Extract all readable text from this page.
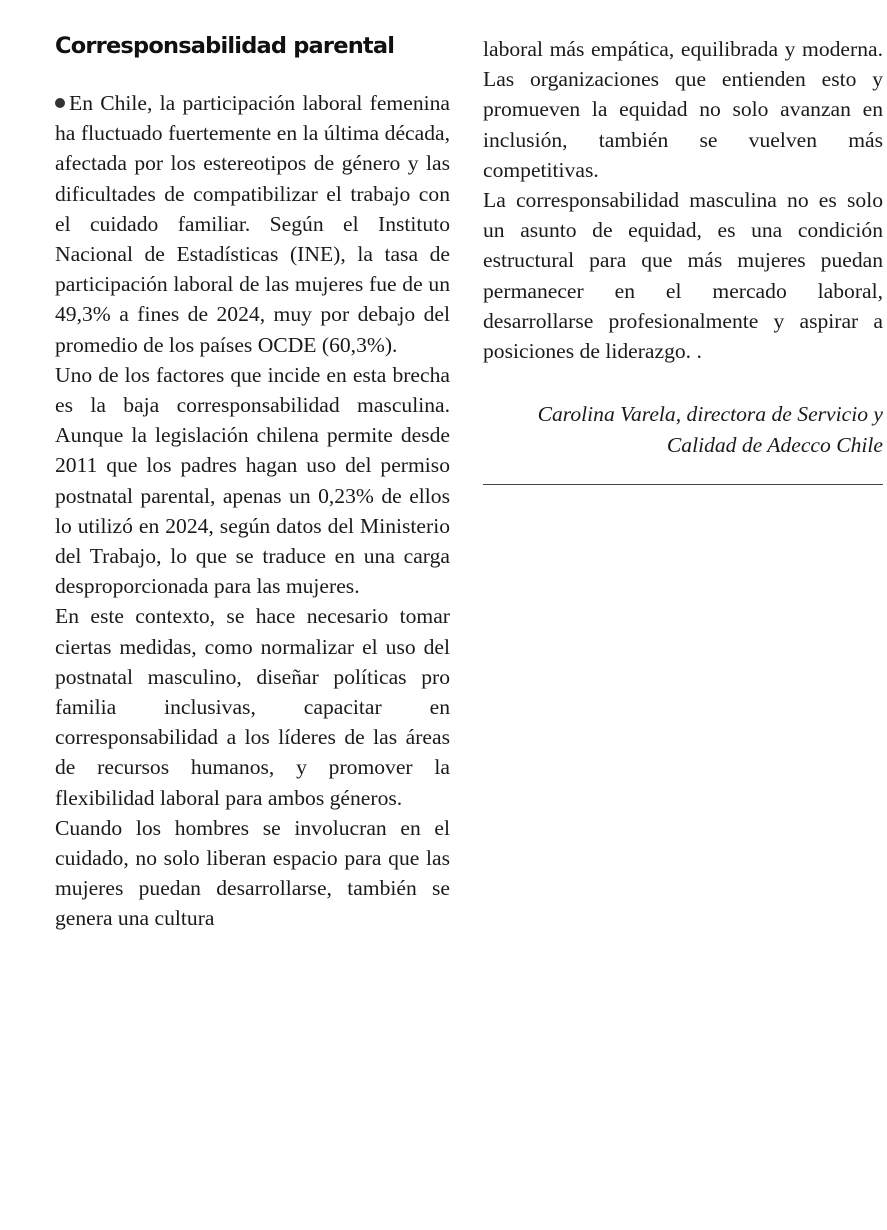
Corresponsabilidad parental

En Chile, la participación laboral femenina ha fluctuado fuertemente en la última década, afectada por los estereotipos de género y las dificultades de compatibilizar el trabajo con el cuidado familiar. Según el Instituto Nacional de Estadísticas (INE), la tasa de participación laboral de las mujeres fue de un 49,3% a fines de 2024, muy por debajo del promedio de los países OCDE (60,3%).

Uno de los factores que incide en esta brecha es la baja corresponsabilidad masculina. Aunque la legislación chilena permite desde 2011 que los padres hagan uso del permiso postnatal parental, apenas un 0,23% de ellos lo utilizó en 2024, según datos del Ministerio del Trabajo, lo que se traduce en una carga desproporcionada para las mujeres.

En este contexto, se hace necesario tomar ciertas medidas, como normalizar el uso del postnatal masculino, diseñar políticas pro familia inclusivas, capacitar en corresponsabilidad a los líderes de las áreas de recursos humanos, y promover la flexibilidad laboral para ambos géneros.

Cuando los hombres se involucran en el cuidado, no solo liberan espacio para que las mujeres puedan desarrollarse, también se genera una cultura

laboral más empática, equilibrada y moderna. Las organizaciones que entienden esto y promueven la equidad no solo avanzan en inclusión, también se vuelven más competitivas.

La corresponsabilidad masculina no es solo un asunto de equidad, es una condición estructural para que más mujeres puedan permanecer en el mercado laboral, desarrollarse profesionalmente y aspirar a posiciones de liderazgo. .

Carolina Varela, directora de Servicio y Calidad de Adecco Chile
